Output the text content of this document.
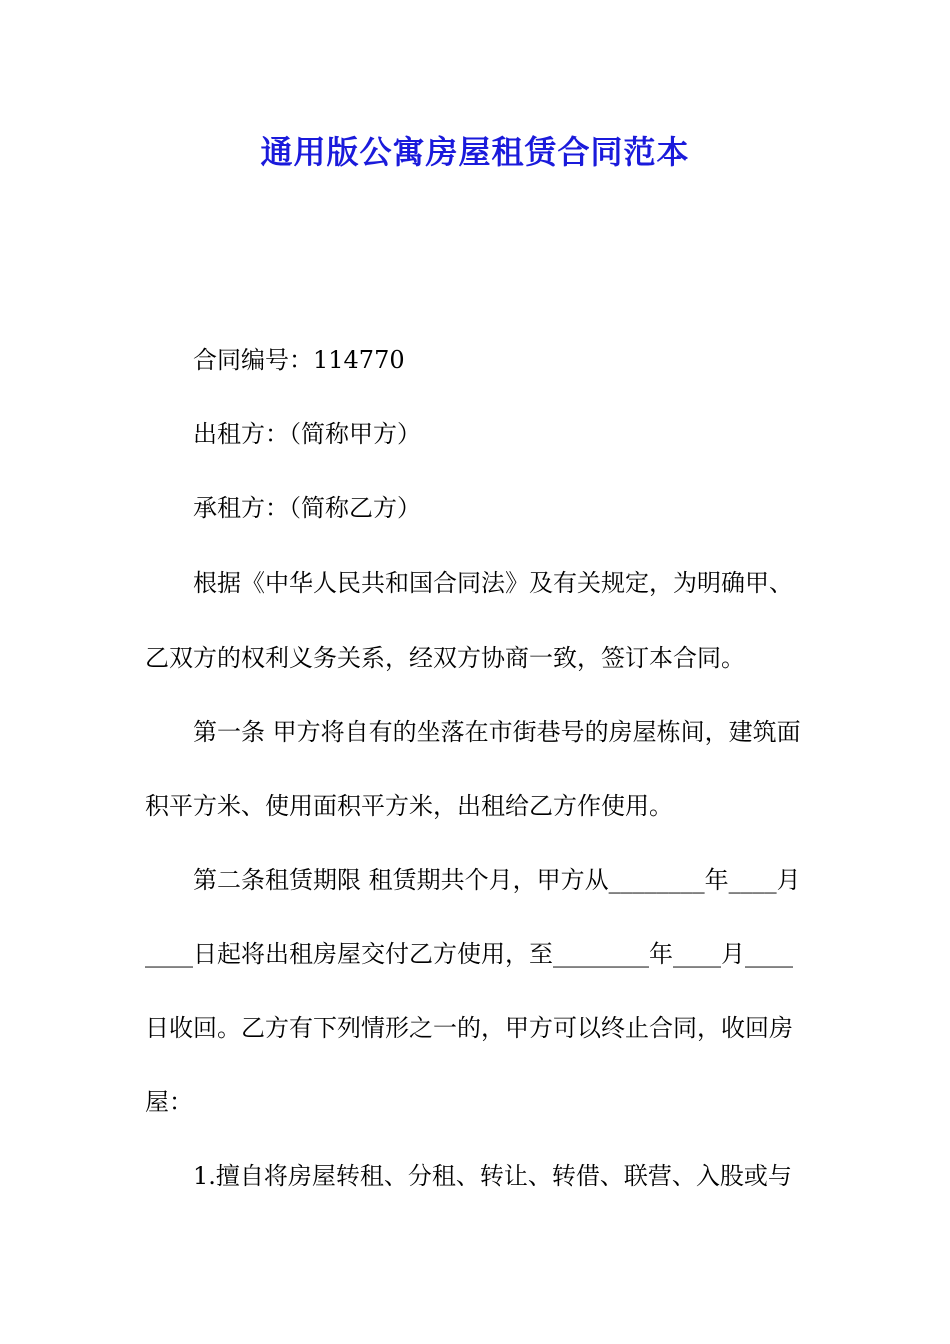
通用版公寓房屋租赁合同范本
合同编号：114770
出租方：（简称甲方）
承租方：（简称乙方）
根据《中华人民共和国合同法》及有关规定，为明确甲、
乙双方的权利义务关系，经双方协商一致，签订本合同。
第一条 甲方将自有的坐落在市街巷号的房屋栋间，建筑面
积平方米、使用面积平方米，出租给乙方作使用。
第二条租赁期限 租赁期共个月，甲方从________年____月
____日起将出租房屋交付乙方使用，至________年____月____
日收回。乙方有下列情形之一的，甲方可以终止合同，收回房
屋：
1.擅自将房屋转租、分租、转让、转借、联营、入股或与
